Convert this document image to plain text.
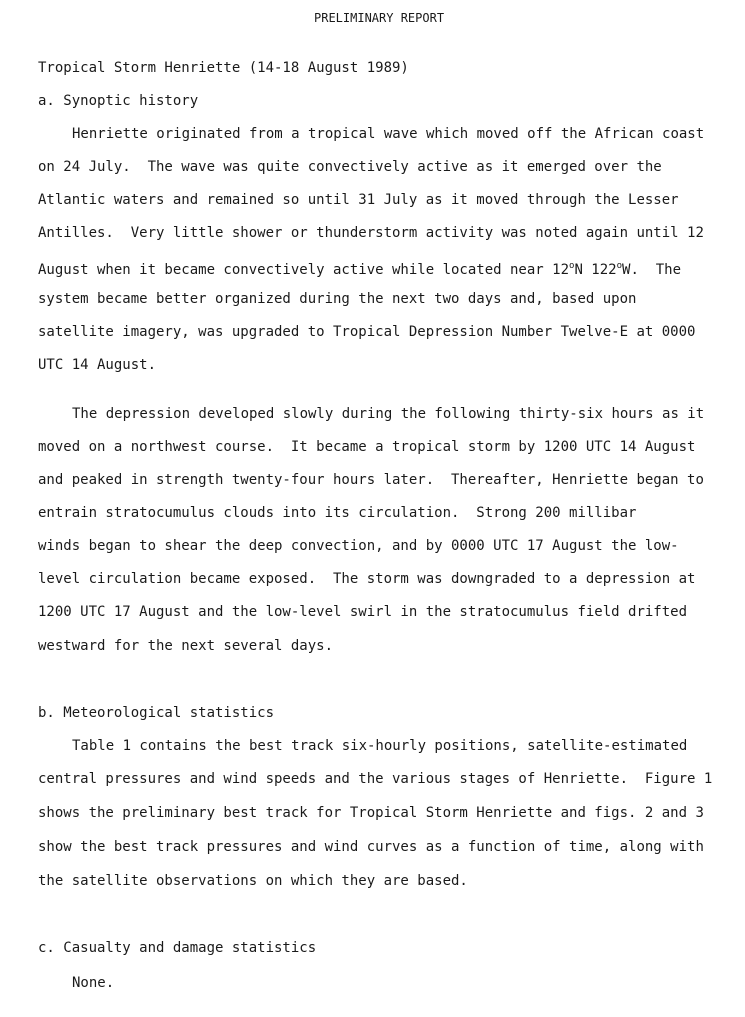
PRELIMINARY REPORT
Tropical Storm Henriette (14-18 August 1989)
a. Synoptic history
Henriette originated from a tropical wave which moved off the African coast
on 24 July.  The wave was quite convectively active as it emerged over the
Atlantic waters and remained so until 31 July as it moved through the Lesser
Antilles.  Very little shower or thunderstorm activity was noted again until 12
August when it became convectively active while located near 12$^o$N 122$^o$W.  The
system became better organized during the next two days and, based upon
satellite imagery, was upgraded to Tropical Depression Number Twelve-E at 0000
UTC 14 August.
The depression developed slowly during the following thirty-six hours as it
moved on a northwest course.  It became a tropical storm by 1200 UTC 14 August
and peaked in strength twenty-four hours later.  Thereafter, Henriette began to
entrain stratocumulus clouds into its circulation.  Strong 200 millibar
winds began to shear the deep convection, and by 0000 UTC 17 August the low-
level circulation became exposed.  The storm was downgraded to a depression at
1200 UTC 17 August and the low-level swirl in the stratocumulus field drifted
westward for the next several days.
b. Meteorological statistics
Table 1 contains the best track six-hourly positions, satellite-estimated
central pressures and wind speeds and the various stages of Henriette.  Figure 1
shows the preliminary best track for Tropical Storm Henriette and figs. 2 and 3
show the best track pressures and wind curves as a function of time, along with
the satellite observations on which they are based.
c. Casualty and damage statistics
None.
